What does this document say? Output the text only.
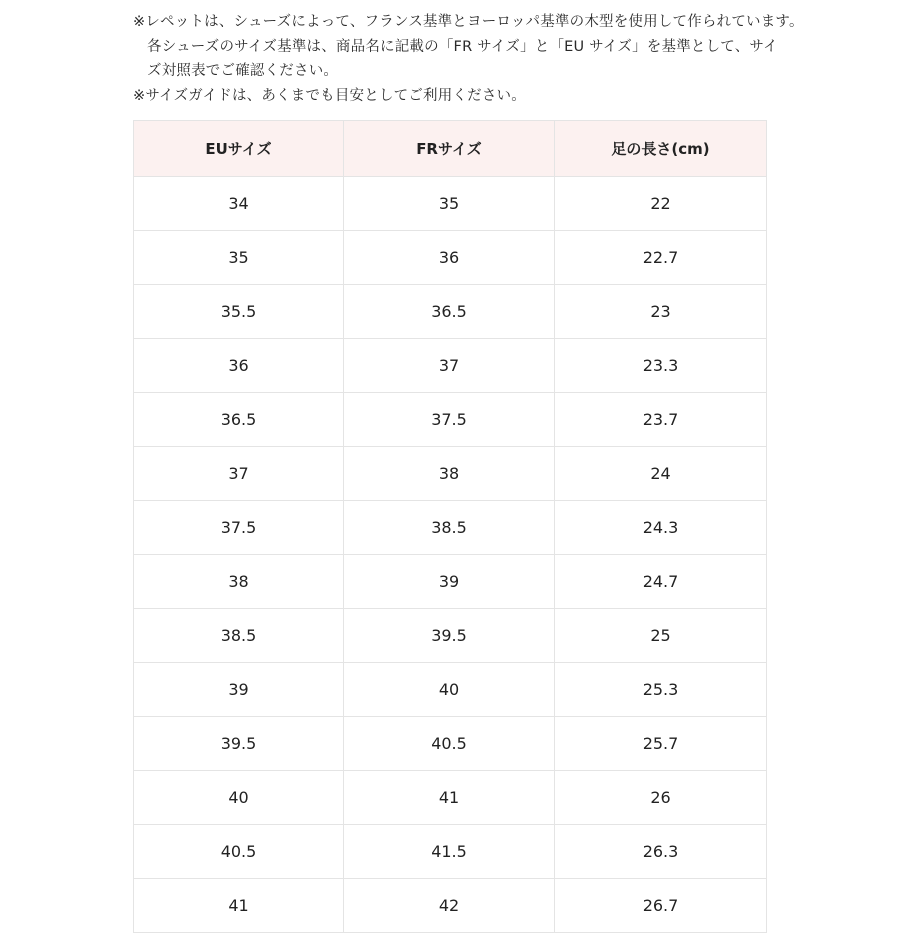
※レペットは、シューズによって、フランス基準とヨーロッパ基準の木型を使用して作られています。
各シューズのサイズ基準は、商品名に記載の「FR サイズ」と「EU サイズ」を基準として、サイ
ズ対照表でご確認ください。
※サイズガイドは、あくまでも目安としてご利用ください。
EUサイズ	FRサイズ	足の長さ(cm)
34	35	22
35	36	22.7
35.5	36.5	23
36	37	23.3
36.5	37.5	23.7
37	38	24
37.5	38.5	24.3
38	39	24.7
38.5	39.5	25
39	40	25.3
39.5	40.5	25.7
40	41	26
40.5	41.5	26.3
41	42	26.7
